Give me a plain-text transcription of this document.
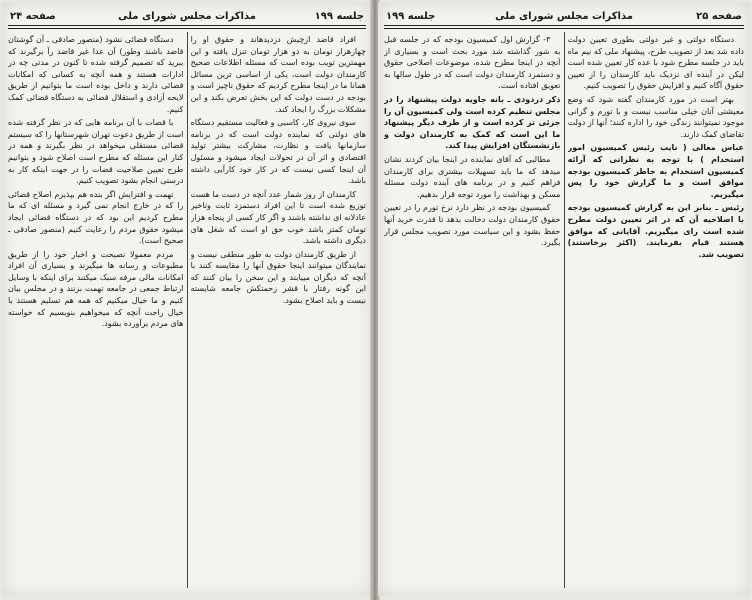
صفحه ۲۴	مذاکرات مجلس شورای ملی	جلسه ۱۹۹

افراد قاضد ازچیش دزدیدهاند و حقوق او را چهارهزار تومان به دو هزار تومان تنزل یافته و این مهمترین تویب بوده است که مسئله اطلاعات صحیح کارمندان دولت است، یکی از اساسی ترین مسائل همانا ما در اینجا مطرح کردیم که حقوق ناچیز است و بودجه در دست دولت که این بخش تعرض بکند و این مشکلات بزرگ را ایجاد کند.

سوی نیروی کار، کاسبی و فعالیت مستقیم دستگاه های دولتی که نماینده دولت است که در برنامه سازمانها یافت و نظارت، مشارکت بیشتر تولید اقتصادی و اثر آن در تحولات ایجاد میشود و مسئول آن اینجا کسی نیست که در کار خود کارآیی داشته باشد.

کارمندان از روز شمار عدد آنچه در دست ما هست توزیع شده است تا این افراد دستمزد ثابت وتاخیر عادلانه ای نداشته باشند و اگر کار کسی از پنجاه هزار تومان کمتر باشد خوب حق او است که شغل های دیگری داشته باشد.

از طریق کارمندان دولت به طور منطقی نیست و نمایندگان میتوانند اینجا حقوق آنها را مقایسه کنند با آنچه که دیگران مییابند و این سخن را بیان کنند که این گونه رفتار با قشر زحمتکش جامعه شایسته نیست و باید اصلاح بشود.

دستگاه قضائی نشود (منصور صادقی ـ آن گوشتان قاضد باشند وطور) آن عدا غیر قاضد رآ برگیرند که ببرید که تصمیم گرفته شده تا کنون در مدتی چه در ادارات هستند و همه آنچه به کسانی که امکانات قضائی دارند و داخل بوده است ما بتوانیم از طریق لایحه آزادی و استقلال قضائی به دستگاه قضائی کمک کنیم.

با قضات با آن برنامه هایی که در نظر گرفته شده است از طریق دعوت تهران شهرستانها را که سیستم قضائی مستقلی میخواهد در نظر بگیرند و همه در کنار این مسئله که مطرح است اصلاح شود و بتوانیم طرح تعیین صلاحیت قضات را در جهت اینکه کار به درستی انجام بشود تصویب کنیم.

تهمت و افترایش اگر بنده هم بپذیرم اصلاح قضائی را که در خارج انجام نمی گیرد و مسئله ای که ما مطرح کردیم این بود که در دستگاه قضائی ایجاد میشود حقوق مردم را رعایت کنیم (منصور صادقی ـ صحیح است).

مردم معمولا نصیحت و اخبار خود را از طریق مطبوعات و رسانه ها میگیرند و بسیاری آن افراد امکانات مالی مرفه سبک میکنند برای اینکه با وسایل ارتباط جمعی در جامعه تهمت بزنند و در مجلس بیان کنیم و ما خیال میکنیم که همه هم تسلیم هستند با خیال راحت آنچه که میخواهیم بنویسیم که خواسته های مردم برآورده بشود.

صفحه ۲۵
مذاکرات مجلس شورای ملی
جلسه ۱۹۹

دستگاه دولتی و غیر دولتی بطوری تعیین دولت داده شد بعد از تصویب طرح، پیشنهاد ملی که نیم ماه باید در جلسه مطرح شود با عده کار تعیین شده است لیکن در آینده ای نزدیک باید کارمندان را از تعیین حقوق آگاه کنیم و افزایش حقوق را تصویب کنیم.

بهتر است در مورد کارمندان گفته شود که وضع معیشتی آنان خیلی مناسب نیست و با تورم و گرانی موجود نمیتوانند زندگی خود را اداره کنند؛ آنها از دولت تقاضای کمک دارند.

عباس معالی ( نایب رئیس کمیسیون امور استخدام ) با توجه به نظراتی که آرائه کمیسیون استخدام به خاطر کمیسیون بودجه موافق است و ما گزارش خود را پس میگیریم.

رئیس ـ بنابر این به گزارش کمیسیون بودجه با اصلاحیه آن که در اثر تعیین دولت مطرح شده است رای میگیریم. آقایانی که موافق هستند قیام بفرمایند. (اکثر برخاستند) تصویب شد.

۳- گزارش اول کمیسیون بودجه که در جلسه قبل به شور گذاشته شد مورد بحث است و بسیاری از آنچه در اینجا مطرح شده، موضوعات اصلاحی حقوق و دستمزد کارمندان دولت است که در طول سالها به تعویق افتاده است.

ذکر دردودی ـ بانه جاویه دولت پیشنهاد را در مجلس تنظیم کرده است ولی کمیسیون آن را جزئی تر کرده است و از طرف دیگر پیشنهاد ما این است که کمک به کارمندان دولت و بازنشستگان افزایش پیدا کند.

مطالبی که آقای نماینده در اینجا بیان کردند نشان میدهد که ما باید تسهیلات بیشتری برای کارمندان فراهم کنیم و در برنامه های آینده دولت مسئله مسکن و بهداشت را مورد توجه قرار بدهیم.

کمیسیون بودجه در نظر دارد نرخ تورم را در تعیین حقوق کارمندان دولت دخالت بدهد تا قدرت خرید آنها حفظ بشود و این سیاست مورد تصویب مجلس قرار بگیرد.
